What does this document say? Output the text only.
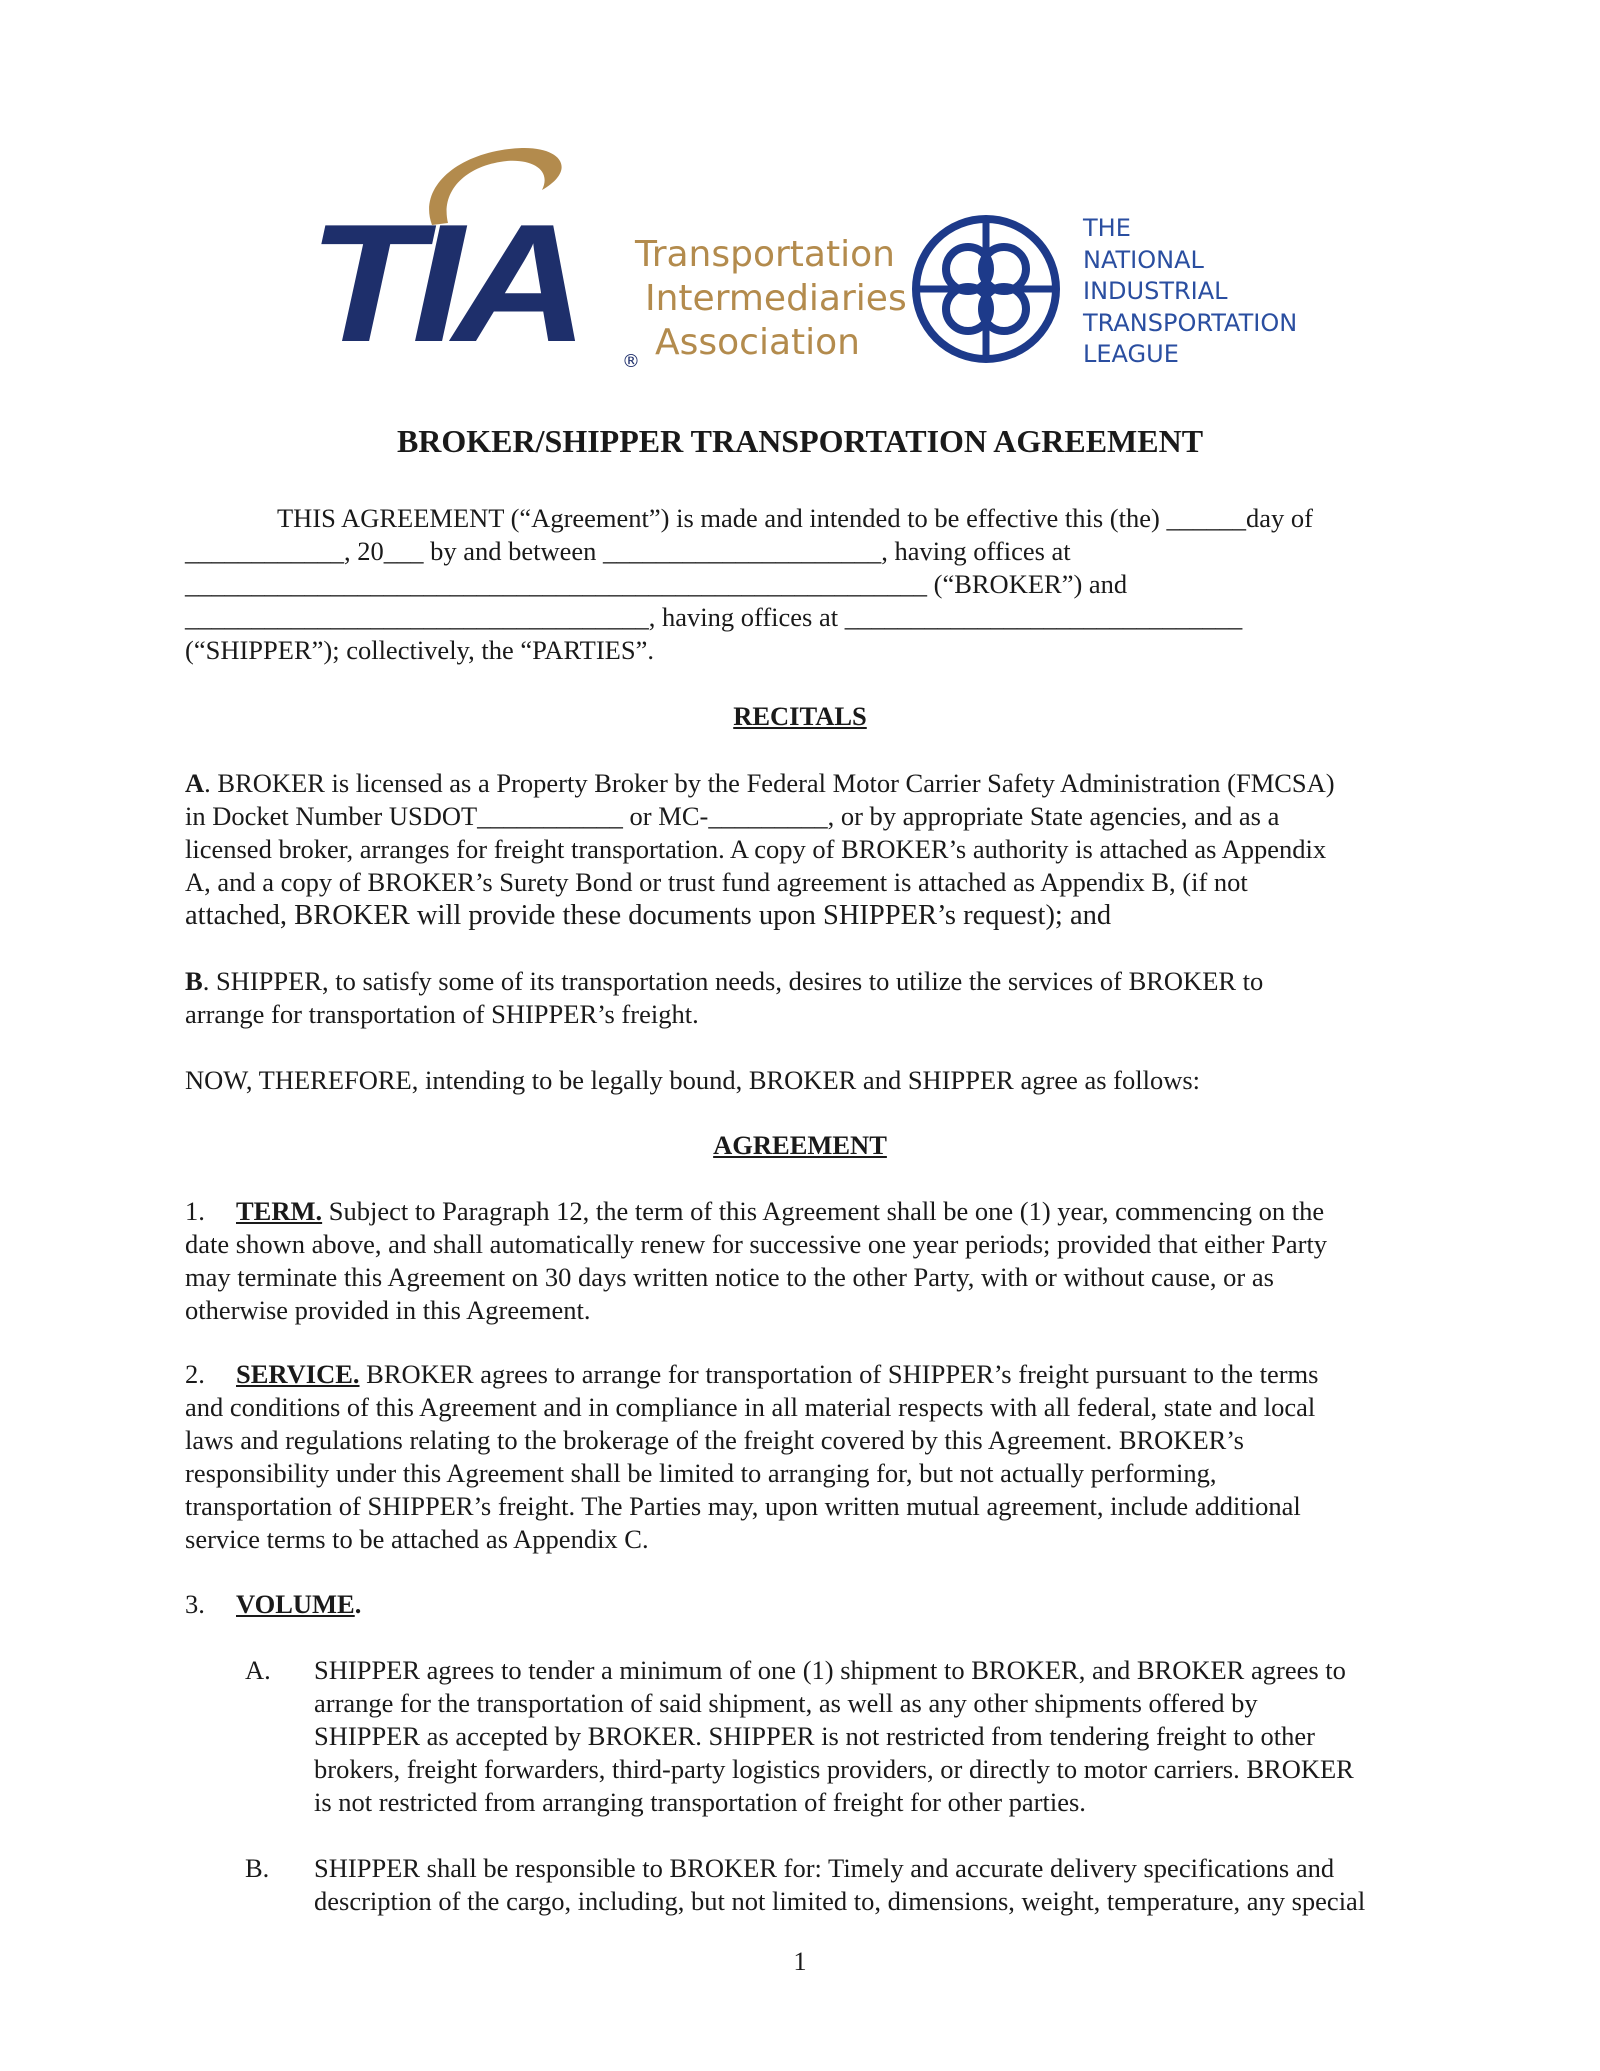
TIA Transportation
Intermediaries
Association
®
THE
NATIONAL
INDUSTRIAL
TRANSPORTATION
LEAGUE
BROKER/SHIPPER TRANSPORTATION AGREEMENT
THIS AGREEMENT (“Agreement”) is made and intended to be effective this (the) ______day of
____________, 20___ by and between _____________________, having offices at
________________________________________________________ (“BROKER”) and
___________________________________, having offices at ______________________________
(“SHIPPER”); collectively, the “PARTIES”.
RECITALS
A. BROKER is licensed as a Property Broker by the Federal Motor Carrier Safety Administration (FMCSA)
in Docket Number USDOT___________ or MC-_________, or by appropriate State agencies, and as a
licensed broker, arranges for freight transportation. A copy of BROKER’s authority is attached as Appendix
A, and a copy of BROKER’s Surety Bond or trust fund agreement is attached as Appendix B, (if not
attached, BROKER will provide these documents upon SHIPPER’s request); and
B. SHIPPER, to satisfy some of its transportation needs, desires to utilize the services of BROKER to
arrange for transportation of SHIPPER’s freight.
NOW, THEREFORE, intending to be legally bound, BROKER and SHIPPER agree as follows:
AGREEMENT
1. TERM. Subject to Paragraph 12, the term of this Agreement shall be one (1) year, commencing on the
date shown above, and shall automatically renew for successive one year periods; provided that either Party
may terminate this Agreement on 30 days written notice to the other Party, with or without cause, or as
otherwise provided in this Agreement.
2. SERVICE. BROKER agrees to arrange for transportation of SHIPPER’s freight pursuant to the terms
and conditions of this Agreement and in compliance in all material respects with all federal, state and local
laws and regulations relating to the brokerage of the freight covered by this Agreement. BROKER’s
responsibility under this Agreement shall be limited to arranging for, but not actually performing,
transportation of SHIPPER’s freight. The Parties may, upon written mutual agreement, include additional
service terms to be attached as Appendix C.
3. VOLUME.
A. SHIPPER agrees to tender a minimum of one (1) shipment to BROKER, and BROKER agrees to
arrange for the transportation of said shipment, as well as any other shipments offered by
SHIPPER as accepted by BROKER. SHIPPER is not restricted from tendering freight to other
brokers, freight forwarders, third-party logistics providers, or directly to motor carriers. BROKER
is not restricted from arranging transportation of freight for other parties.
B. SHIPPER shall be responsible to BROKER for: Timely and accurate delivery specifications and
description of the cargo, including, but not limited to, dimensions, weight, temperature, any special
1
